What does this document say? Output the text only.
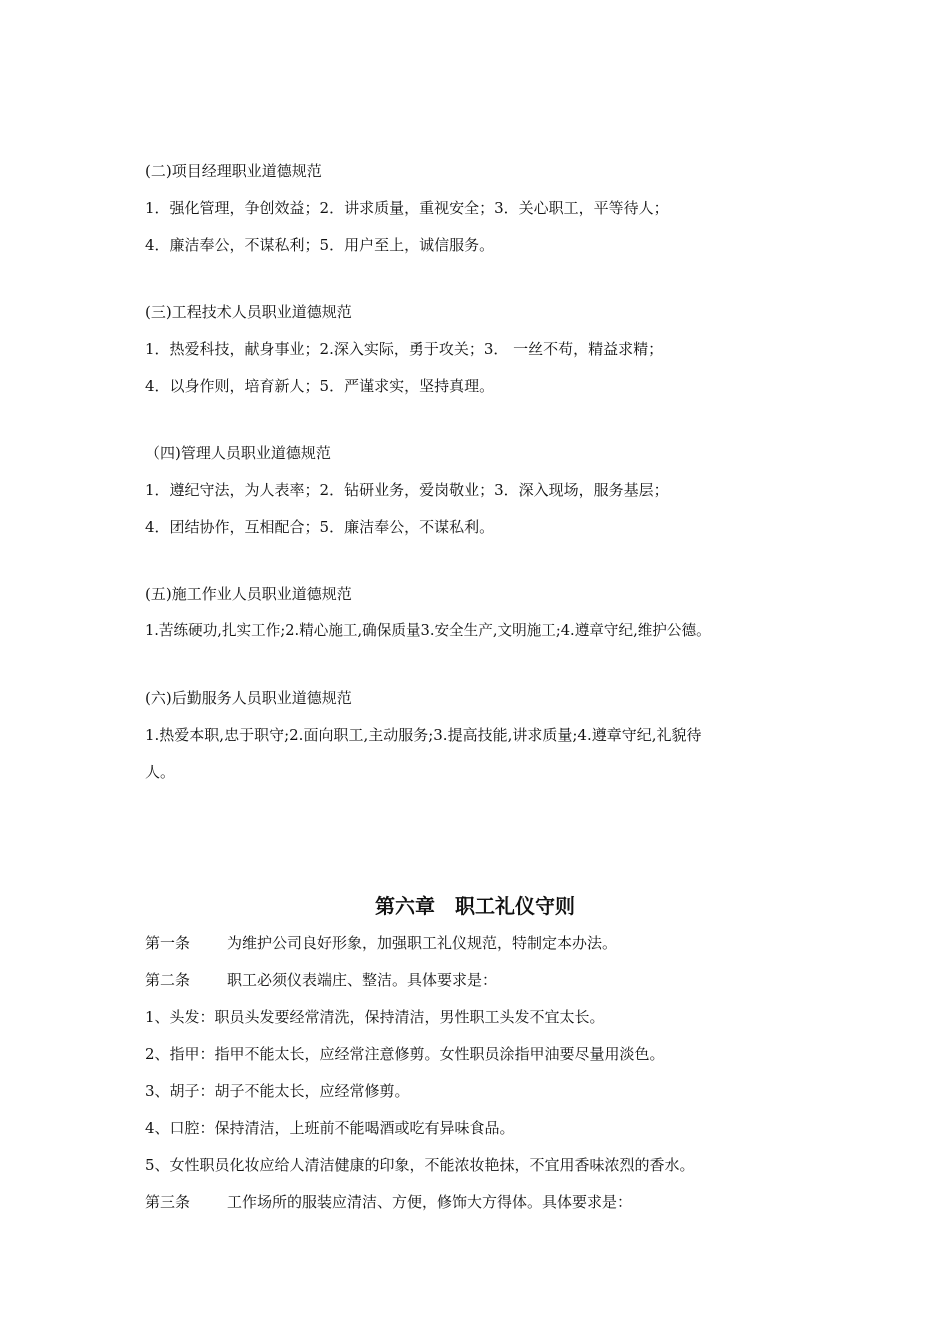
(二)项目经理职业道德规范
1．强化管理，争创效益；2．讲求质量，重视安全；3．关心职工，平等待人；
4．廉洁奉公，不谋私利；5．用户至上，诚信服务。
(三)工程技术人员职业道德规范
1．热爱科技，献身事业；2.深入实际，勇于攻关；3． 一丝不苟，精益求精；
4．以身作则，培育新人；5．严谨求实，坚持真理。
（四)管理人员职业道德规范
1．遵纪守法，为人表率；2．钻研业务，爱岗敬业；3．深入现场，服务基层；
4．团结协作，互相配合；5．廉洁奉公，不谋私利。
(五)施工作业人员职业道德规范
1.苦练硬功,扎实工作;2.精心施工,确保质量3.安全生产,文明施工;4.遵章守纪,维护公德。
(六)后勤服务人员职业道德规范
1.热爱本职,忠于职守;2.面向职工,主动服务;3.提高技能,讲求质量;4.遵章守纪,礼貌待
人。
第六章　职工礼仪守则
第一条 为维护公司良好形象，加强职工礼仪规范，特制定本办法。
第二条 职工必须仪表端庄、整洁。具体要求是：
1、头发：职员头发要经常清洗，保持清洁，男性职工头发不宜太长。
2、指甲：指甲不能太长，应经常注意修剪。女性职员涂指甲油要尽量用淡色。
3、胡子：胡子不能太长，应经常修剪。
4、口腔：保持清洁，上班前不能喝酒或吃有异味食品。
5、女性职员化妆应给人清洁健康的印象，不能浓妆艳抹，不宜用香味浓烈的香水。
第三条 工作场所的服装应清洁、方便，修饰大方得体。具体要求是：
